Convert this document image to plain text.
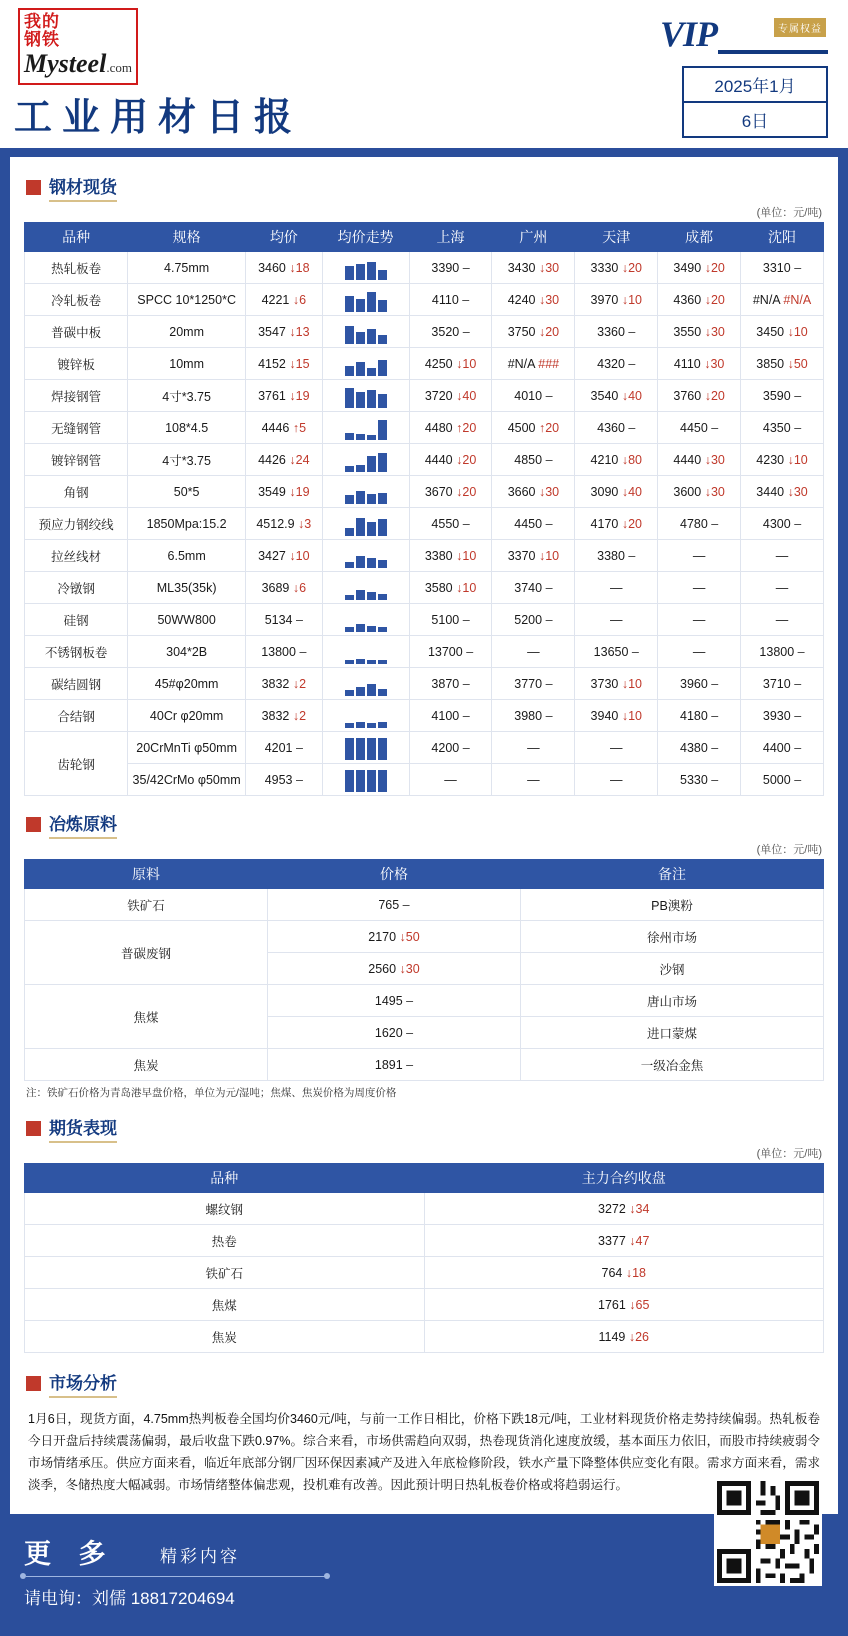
我的
钢铁
Mysteel.com
VIP	专属权益
工业用材日报
2025年1月
6日
钢材现货
(单位：元/吨)
品种	规格	均价	均价走势	上海	广州	天津	成都	沈阳
热轧板卷	4.75mm	3460 ↓18		3390 –	3430 ↓30	3330 ↓20	3490 ↓20	3310 –
冷轧板卷	SPCC 10*1250*C	4221 ↓6		4110 –	4240 ↓30	3970 ↓10	4360 ↓20	#N/A #N/A
普碳中板	20mm	3547 ↓13		3520 –	3750 ↓20	3360 –	3550 ↓30	3450 ↓10
镀锌板	10mm	4152 ↓15		4250 ↓10	#N/A ###	4320 –	4110 ↓30	3850 ↓50
焊接钢管	4寸*3.75	3761 ↓19		3720 ↓40	4010 –	3540 ↓40	3760 ↓20	3590 –
无缝钢管	108*4.5	4446 ↑5		4480 ↑20	4500 ↑20	4360 –	4450 –	4350 –
镀锌钢管	4寸*3.75	4426 ↓24		4440 ↓20	4850 –	4210 ↓80	4440 ↓30	4230 ↓10
角钢	50*5	3549 ↓19		3670 ↓20	3660 ↓30	3090 ↓40	3600 ↓30	3440 ↓30
预应力钢绞线	1850Mpa:15.2	4512.9 ↓3		4550 –	4450 –	4170 ↓20	4780 –	4300 –
拉丝线材	6.5mm	3427 ↓10		3380 ↓10	3370 ↓10	3380 –	—	—
冷镦钢	ML35(35k)	3689 ↓6		3580 ↓10	3740 –	—	—	—
硅钢	50WW800	5134 –		5100 –	5200 –	—	—	—
不锈钢板卷	304*2B	13800 –		13700 –	—	13650 –	—	13800 –
碳结圆钢	45#φ20mm	3832 ↓2		3870 –	3770 –	3730 ↓10	3960 –	3710 –
合结钢	40Cr φ20mm	3832 ↓2		4100 –	3980 –	3940 ↓10	4180 –	3930 –
齿轮钢	20CrMnTi φ50mm	4201 –		4200 –	—	—	4380 –	4400 –
	35/42CrMo φ50mm	4953 –		—	—	—	5330 –	5000 –
冶炼原料
(单位：元/吨)
原料	价格	备注
铁矿石	765 –	PB澳粉
普碳废钢	2170 ↓50	徐州市场
	2560 ↓30	沙钢
焦煤	1495 –	唐山市场
	1620 –	进口蒙煤
焦炭	1891 –	一级冶金焦
注：铁矿石价格为青岛港早盘价格，单位为元/湿吨；焦煤、焦炭价格为周度价格
期货表现
(单位：元/吨)
品种	主力合约收盘
螺纹钢	3272 ↓34
热卷	3377 ↓47
铁矿石	764 ↓18
焦煤	1761 ↓65
焦炭	1149 ↓26
市场分析
1月6日，现货方面，4.75mm热判板卷全国均价3460元/吨，与前一工作日相比，价格下跌18元/吨，工业材料现货价格走势持续偏弱。热轧板卷今日开盘后持续震荡偏弱，最后收盘下跌0.97%。综合来看，市场供需趋向双弱，热卷现货消化速度放缓，基本面压力依旧，而股市持续疲弱令市场情绪承压。供应方面来看，临近年底部分钢厂因环保因素减产及进入年底检修阶段，铁水产量下降整体供应变化有限。需求方面来看，需求淡季，冬储热度大幅减弱。市场情绪整体偏悲观，投机难有改善。因此预计明日热轧板卷价格或将趋弱运行。
更 多	精彩内容
请电询：刘儒 18817204694
